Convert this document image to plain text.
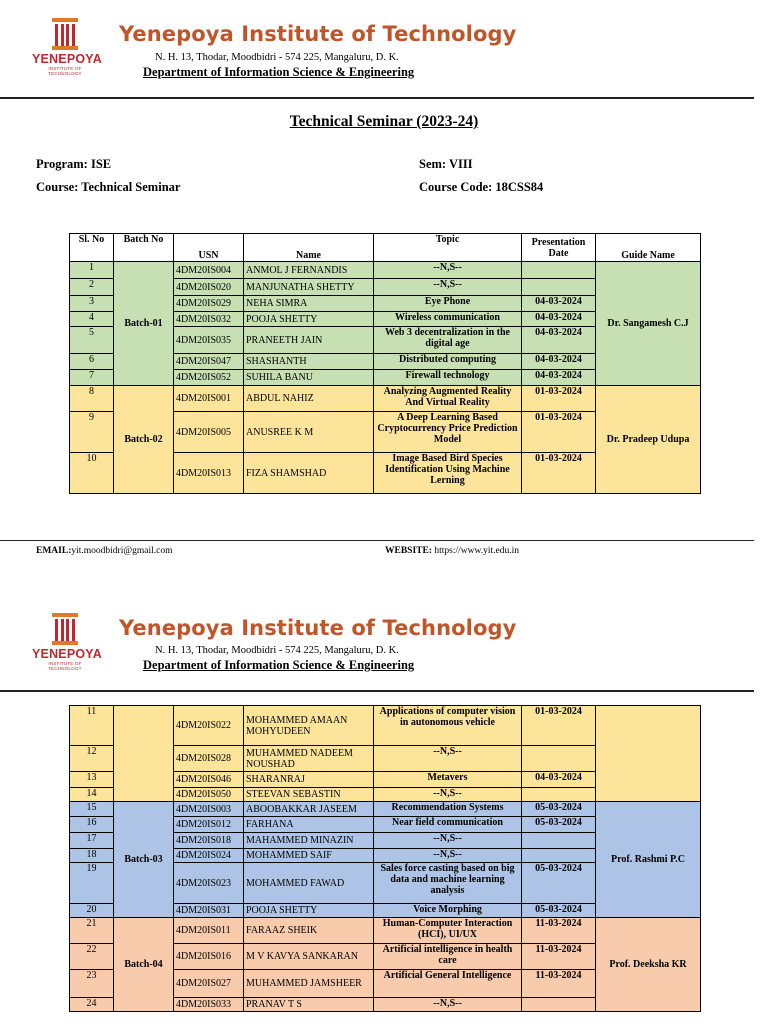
YENEPOYA
INSTITUTE OF TECHNOLOGY
Yenepoya Institute of Technology
N. H. 13, Thodar, Moodbidri - 574 225, Mangaluru, D. K.
Department of Information Science & Engineering
Technical Seminar (2023-24)
Program: ISE
Course: Technical Seminar
Sem: VIII
Course Code: 18CSS84
Sl. No	Batch No	USN	Name	Topic	Presentation Date	Guide Name
1	Batch-01	4DM20IS004	ANMOL J FERNANDIS	--N,S--		Dr. Sangamesh C.J
2		4DM20IS020	MANJUNATHA SHETTY	--N,S--		
3		4DM20IS029	NEHA SIMRA	Eye Phone	04-03-2024	
4		4DM20IS032	POOJA SHETTY	Wireless communication	04-03-2024	
5		4DM20IS035	PRANEETH JAIN	Web 3 decentralization in the digital age	04-03-2024	
6		4DM20IS047	SHASHANTH	Distributed computing	04-03-2024	
7		4DM20IS052	SUHILA BANU	Firewall technology	04-03-2024	
8	Batch-02	4DM20IS001	ABDUL NAHIZ	Analyzing Augmented Reality And Virtual Reality	01-03-2024	Dr. Pradeep Udupa
9		4DM20IS005	ANUSREE K M	A Deep Learning Based Cryptocurrency Price Prediction Model	01-03-2024	
10		4DM20IS013	FIZA SHAMSHAD	Image Based Bird Species Identification Using Machine Lerning	01-03-2024	
EMAIL:yit.moodbidri@gmail.com	WEBSITE: https://www.yit.edu.in
YENEPOYA
INSTITUTE OF TECHNOLOGY
Yenepoya Institute of Technology
N. H. 13, Thodar, Moodbidri - 574 225, Mangaluru, D. K.
Department of Information Science & Engineering
11		4DM20IS022	MOHAMMED AMAAN MOHYUDEEN	Applications of computer vision in autonomous vehicle	01-03-2024	
12		4DM20IS028	MUHAMMED NADEEM NOUSHAD	--N,S--		
13		4DM20IS046	SHARANRAJ	Metavers	04-03-2024	
14		4DM20IS050	STEEVAN SEBASTIN	--N,S--		
15	Batch-03	4DM20IS003	ABOOBAKKAR JASEEM	Recommendation Systems	05-03-2024	Prof. Rashmi P.C
16		4DM20IS012	FARHANA	Near field communication	05-03-2024	
17		4DM20IS018	MAHAMMED MINAZIN	--N,S--		
18		4DM20IS024	MOHAMMED SAIF	--N,S--		
19		4DM20IS023	MOHAMMED FAWAD	Sales force casting based on big data and machine learning analysis	05-03-2024	
20		4DM20IS031	POOJA SHETTY	Voice Morphing	05-03-2024	
21	Batch-04	4DM20IS011	FARAAZ SHEIK	Human-Computer Interaction (HCI), UI/UX	11-03-2024	Prof. Deeksha KR
22		4DM20IS016	M V KAVYA SANKARAN	Artificial intelligence in health care	11-03-2024	
23		4DM20IS027	MUHAMMED JAMSHEER	Artificial General Intelligence	11-03-2024	
24		4DM20IS033	PRANAV T S	--N,S--		
